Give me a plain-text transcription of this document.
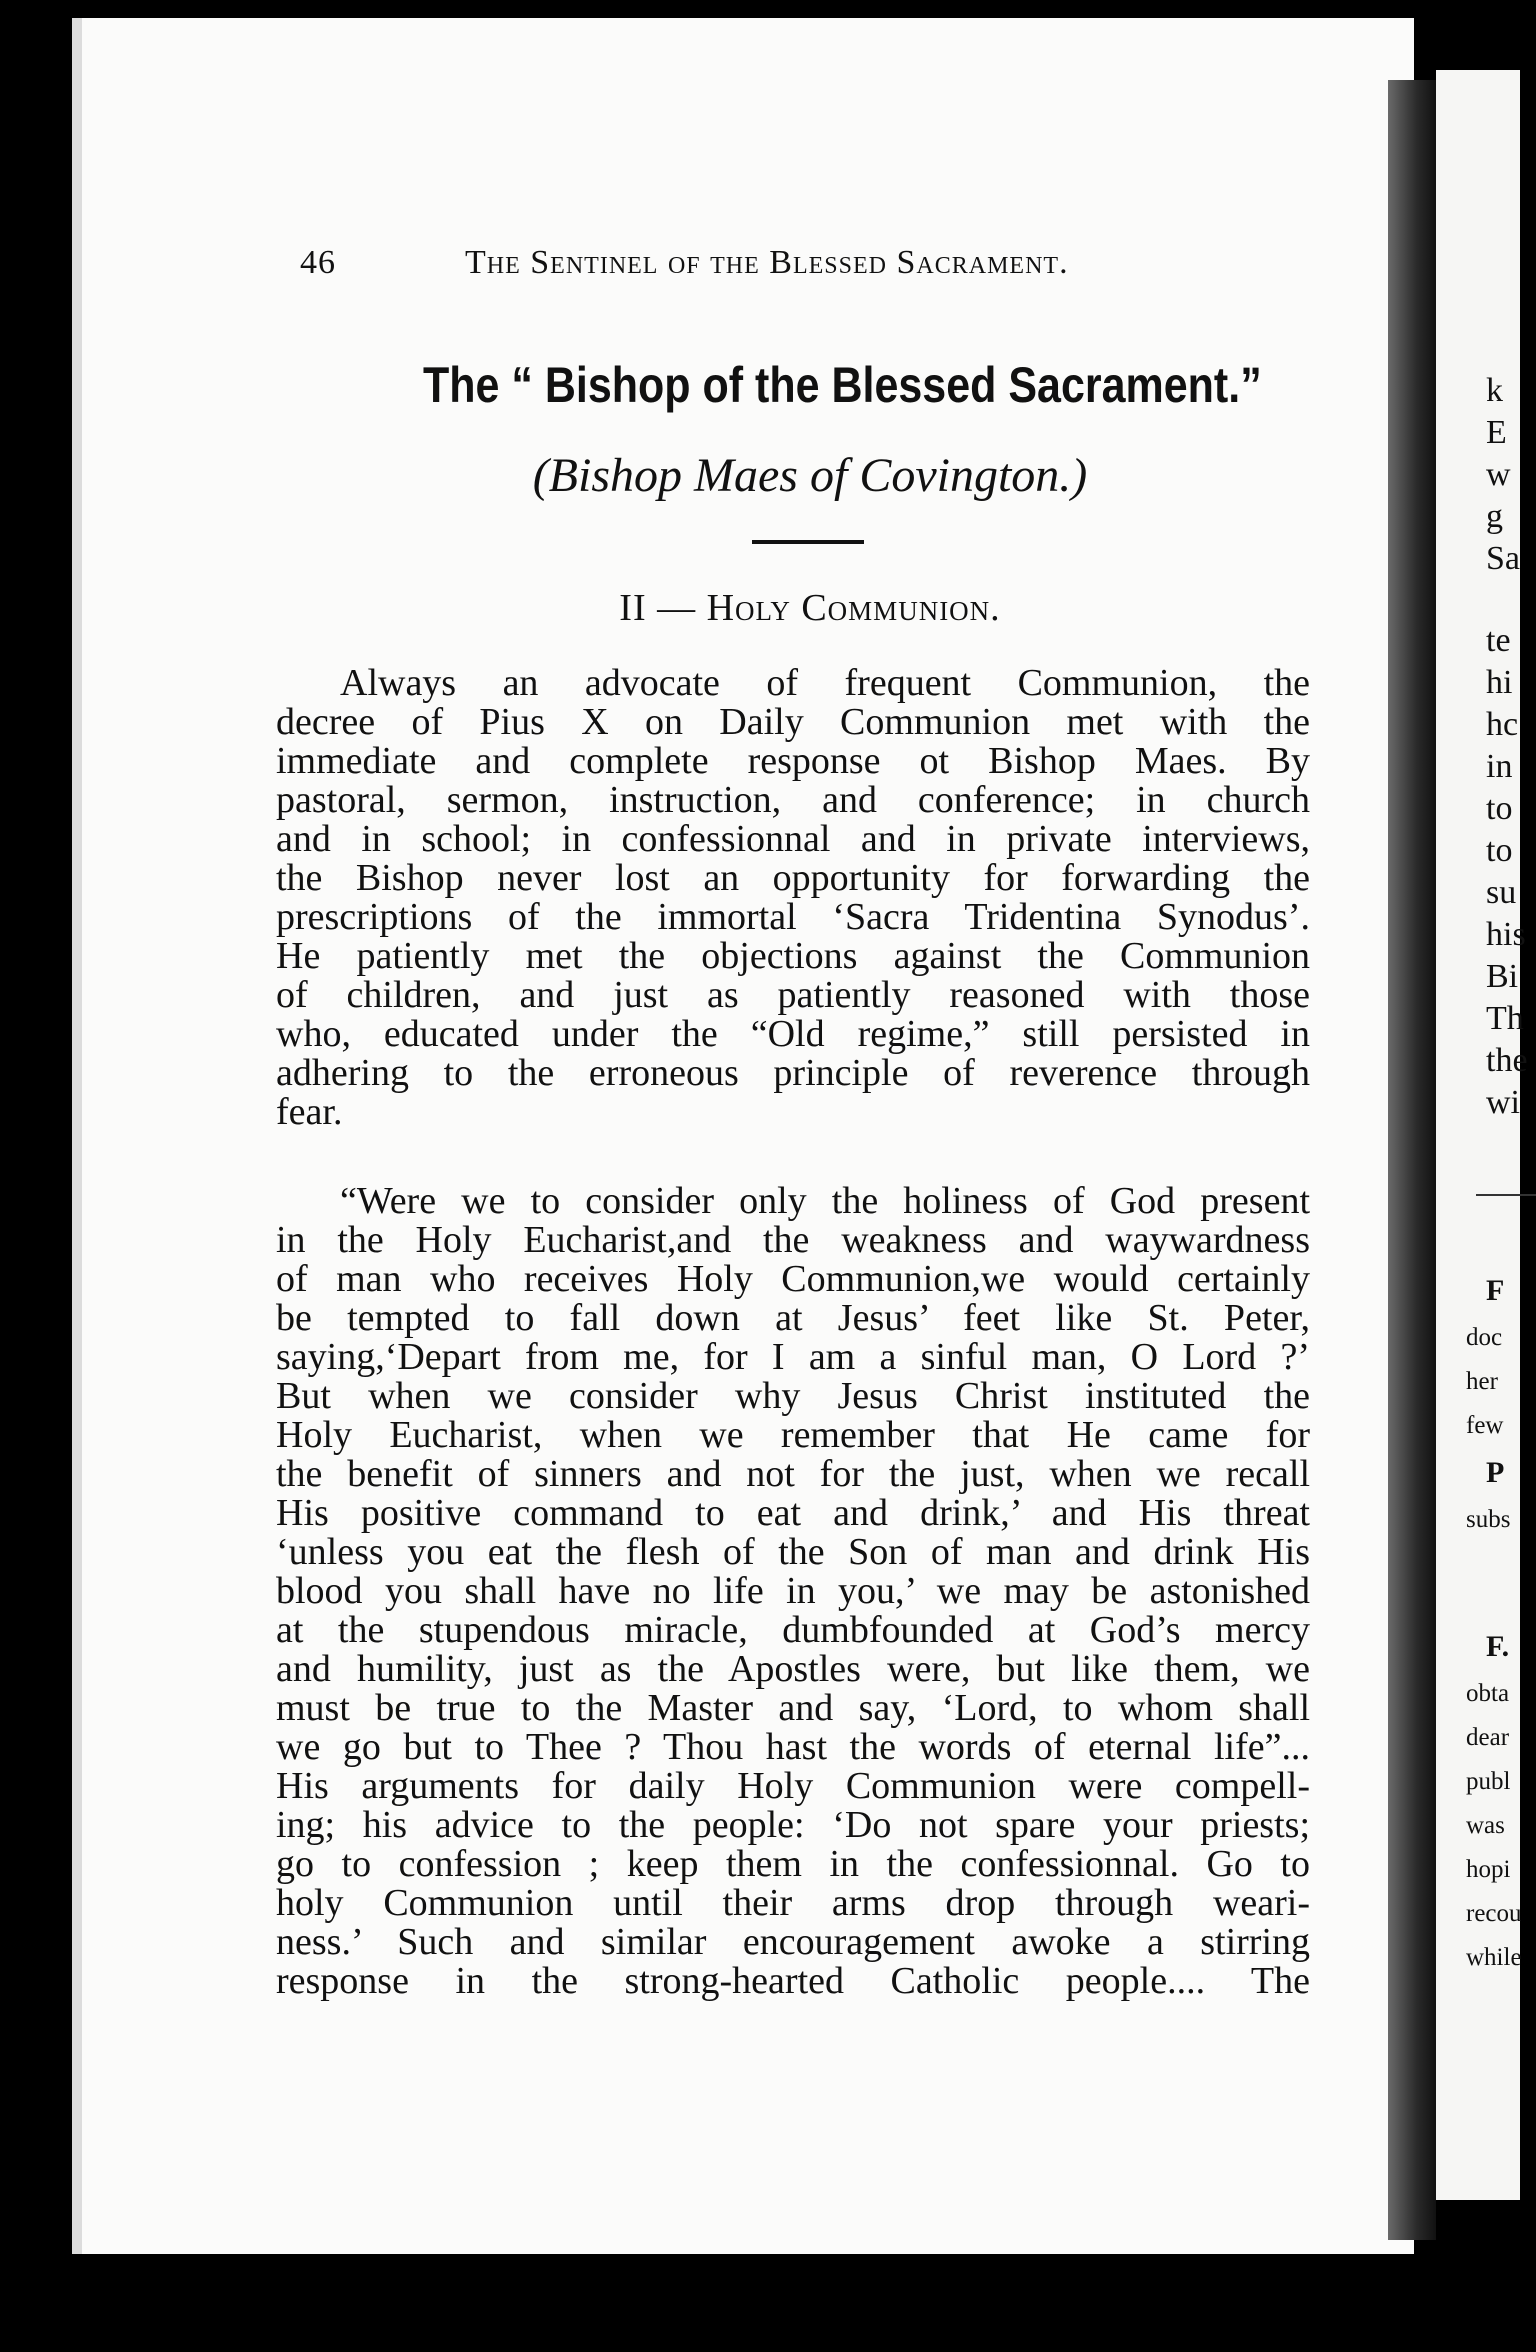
46	The Sentinel of the Blessed Sacrament.
The “ Bishop of the Blessed Sacrament.”
(Bishop Maes of Covington.)
II — Holy Communion.
Always an advocate of frequent Communion, the
decree of Pius X on Daily Communion met with the
immediate and complete response ot Bishop Maes. By
pastoral, sermon, instruction, and conference; in church
and in school; in confessionnal and in private interviews,
the Bishop never lost an opportunity for forwarding the
prescriptions of the immortal ‘Sacra Tridentina Synodus’.
He patiently met the objections against the Communion
of children, and just as patiently reasoned with those
who, educated under the “Old regime,” still persisted in
adhering to the erroneous principle of reverence through
fear.
“Were we to consider only the holiness of God present
in the Holy Eucharist,and the weakness and waywardness
of man who receives Holy Communion,we would certainly
be tempted to fall down at Jesus’ feet like St. Peter,
saying,‘Depart from me, for I am a sinful man, O Lord ?’
But when we consider why Jesus Christ instituted the
Holy Eucharist, when we remember that He came for
the benefit of sinners and not for the just, when we recall
His positive command to eat and drink,’ and His threat
‘unless you eat the flesh of the Son of man and drink His
blood you shall have no life in you,’ we may be astonished
at the stupendous miracle, dumbfounded at God’s mercy
and humility, just as the Apostles were, but like them, we
must be true to the Master and say, ‘Lord, to whom shall
we go but to Thee ? Thou hast the words of eternal life”...
His arguments for daily Holy Communion were compell-
ing; his advice to the people: ‘Do not spare your priests;
go to confession ; keep them in the confessionnal. Go to
holy Communion until their arms drop through weari-
ness.’ Such and similar encouragement awoke a stirring
response in the strong-hearted Catholic people.... The
k
E
w
g
Sa
te
hi
hc
in
to
to
su
his
Bi
Th
the
wi
F
doc
her
few
P
subs
F.
obta
dear
publ
was
hopi
recou
while
